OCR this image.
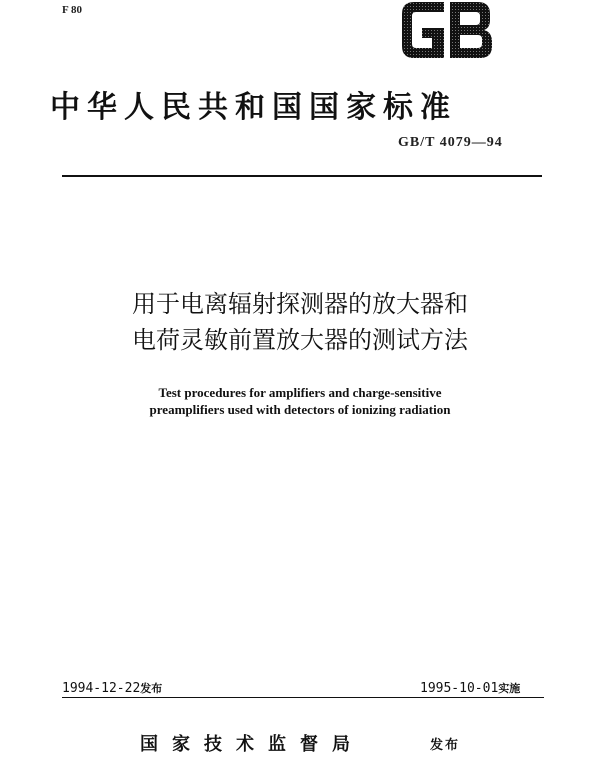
F 80
中华人民共和国国家标准
GB/T 4079—94
用于电离辐射探测器的放大器和
电荷灵敏前置放大器的测试方法
Test procedures for amplifiers and charge-sensitive
preamplifiers used with detectors of ionizing radiation
1994-12-22发布	1995-10-01实施
国家技术监督局	发布
